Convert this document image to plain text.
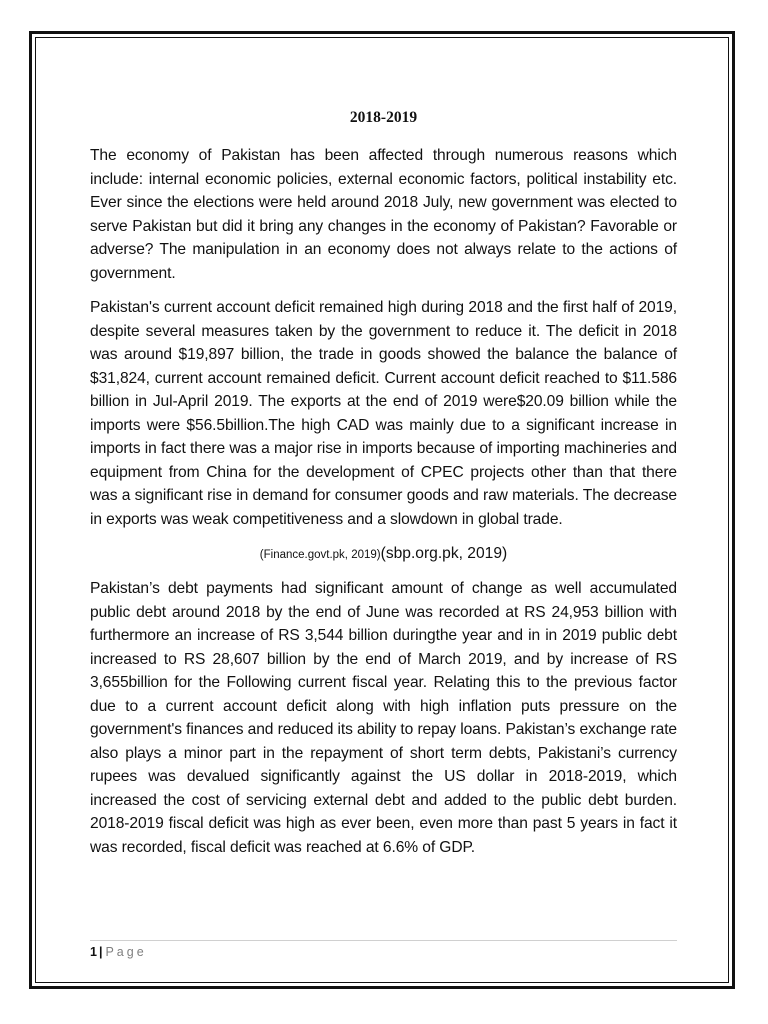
2018-2019

The economy of Pakistan has been affected through numerous reasons which include: internal economic policies, external economic factors, political instability etc. Ever since the elections were held around 2018 July, new government was elected to serve Pakistan but did it bring any changes in the economy of Pakistan? Favorable or adverse? The manipulation in an economy does not always relate to the actions of government.

Pakistan's current account deficit remained high during 2018 and the first half of 2019, despite several measures taken by the government to reduce it. The deficit in 2018 was around $19,897 billion, the trade in goods showed the balance the balance of $31,824, current account remained deficit. Current account deficit reached to $11.586 billion in Jul-April 2019. The exports at the end of 2019 were$20.09 billion while the imports were $56.5billion.The high CAD was mainly due to a significant increase in imports in fact there was a major rise in imports because of importing machineries and equipment from China for the development of CPEC projects other than that there was a significant rise in demand for consumer goods and raw materials. The decrease in exports was weak competitiveness and a slowdown in global trade.

(Finance.govt.pk, 2019)(sbp.org.pk, 2019)

Pakistan’s debt payments had significant amount of change as well accumulated public debt around 2018 by the end of June was recorded at RS 24,953 billion with furthermore an increase of RS 3,544 billion duringthe year and in in 2019 public debt increased to RS 28,607 billion by the end of March 2019, and by increase of RS 3,655billion for the Following current fiscal year. Relating this to the previous factor due to a current account deficit along with high inflation puts pressure on the government's finances and reduced its ability to repay loans. Pakistan’s exchange rate also plays a minor part in the repayment of short term debts, Pakistani’s currency rupees was devalued significantly against the US dollar in 2018-2019, which increased the cost of servicing external debt and added to the public debt burden. 2018-2019 fiscal deficit was high as ever been, even more than past 5 years in fact it was recorded, fiscal deficit was reached at 6.6% of GDP.

1 | Page
